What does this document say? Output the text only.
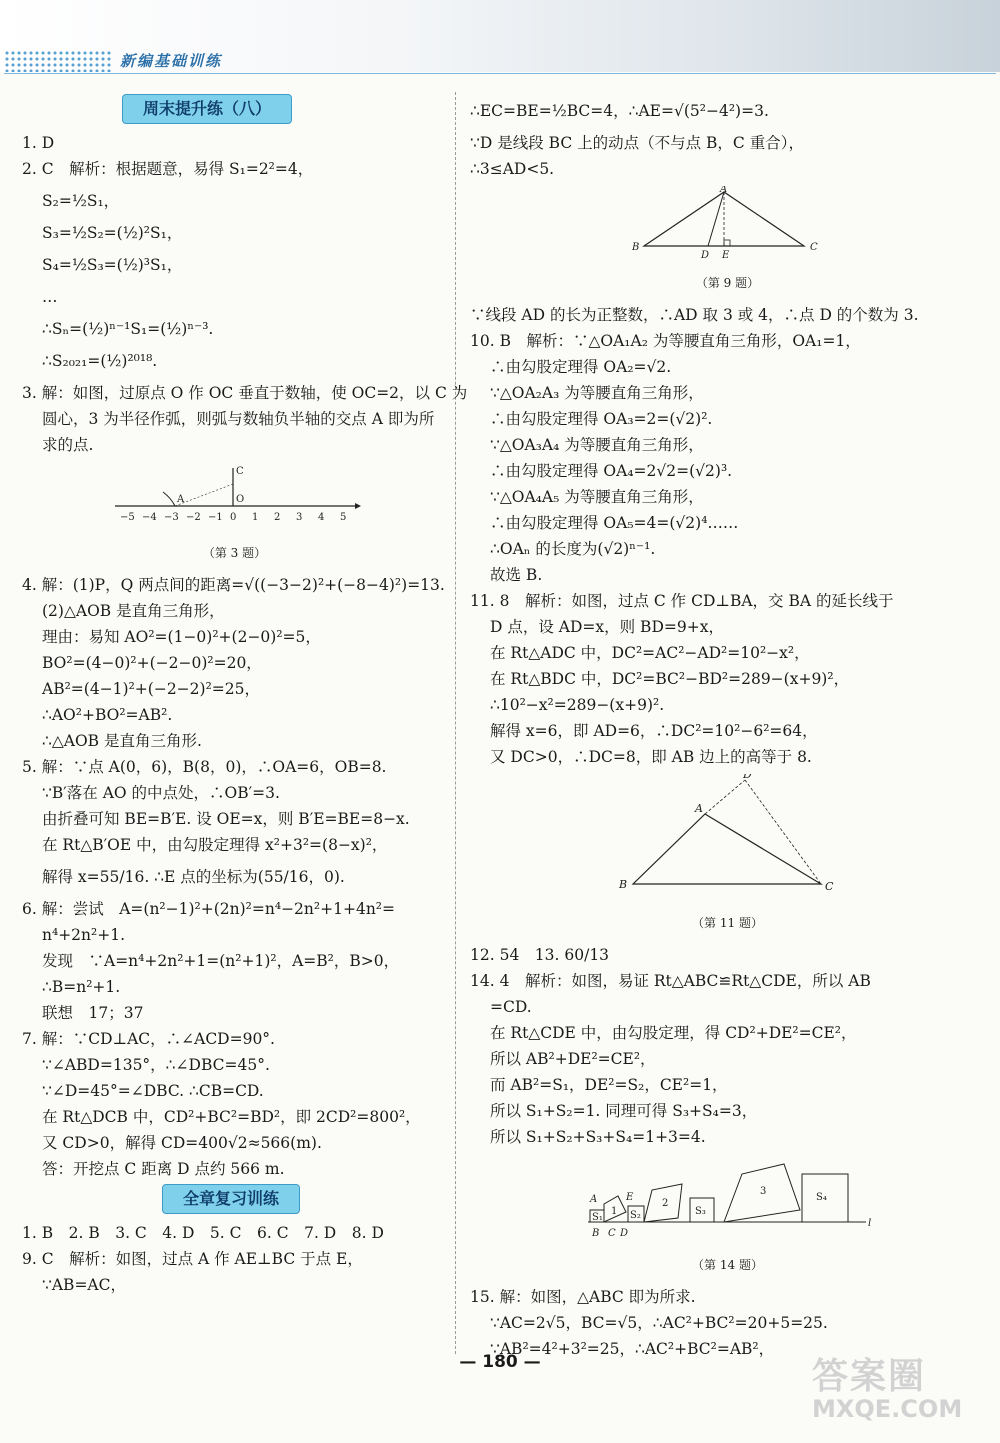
新编基础训练
周末提升练（八）

1. D

2. C　解析：根据题意，易得 S₁=2²=4，

S₂=½S₁，

S₃=½S₂=(½)²S₁，

S₄=½S₃=(½)³S₁，

…

∴Sₙ=(½)ⁿ⁻¹S₁=(½)ⁿ⁻³.

∴S₂₀₂₁=(½)²⁰¹⁸.

3. 解：如图，过原点 O 作 OC 垂直于数轴，使 OC=2，以 C 为

圆心，3 为半径作弧，则弧与数轴负半轴的交点 A 即为所

求的点.

A	O
C
−5 −4 −3 −2 −1 0 1 2 3 4 5

（第 3 题）

4. 解：(1)P，Q 两点间的距离=√((−3−2)²+(−8−4)²)=13.

(2)△AOB 是直角三角形，

理由：易知 AO²=(1−0)²+(2−0)²=5，

BO²=(4−0)²+(−2−0)²=20，

AB²=(4−1)²+(−2−2)²=25，

∴AO²+BO²=AB².

∴△AOB 是直角三角形.

5. 解：∵点 A(0，6)，B(8，0)，∴OA=6，OB=8.

∵B′落在 AO 的中点处，∴OB′=3.

由折叠可知 BE=B′E. 设 OE=x，则 B′E=BE=8−x.

在 Rt△B′OE 中，由勾股定理得 x²+3²=(8−x)²，

解得 x=55/16. ∴E 点的坐标为(55/16，0).

6. 解：尝试　A=(n²−1)²+(2n)²=n⁴−2n²+1+4n²=

n⁴+2n²+1.

发现　∵A=n⁴+2n²+1=(n²+1)²，A=B²，B>0，

∴B=n²+1.

联想　17；37

7. 解：∵CD⊥AC，∴∠ACD=90°.

∵∠ABD=135°，∴∠DBC=45°.

∵∠D=45°=∠DBC. ∴CB=CD.

在 Rt△DCB 中，CD²+BC²=BD²，即 2CD²=800²，

又 CD>0，解得 CD=400√2≈566(m).

答：开挖点 C 距离 D 点约 566 m.

全章复习训练

1. B　2. B　3. C　4. D　5. C　6. C　7. D　8. D

9. C　解析：如图，过点 A 作 AE⊥BC 于点 E，

∵AB=AC，

∴EC=BE=½BC=4，∴AE=√(5²−4²)=3.

∵D 是线段 BC 上的动点（不与点 B，C 重合），

∴3≤AD<5.

A
B	C
D E

（第 9 题）

∵线段 AD 的长为正整数，∴AD 取 3 或 4，∴点 D 的个数为 3.

10. B　解析：∵△OA₁A₂ 为等腰直角三角形，OA₁=1，

∴由勾股定理得 OA₂=√2.

∵△OA₂A₃ 为等腰直角三角形，

∴由勾股定理得 OA₃=2=(√2)².

∵△OA₃A₄ 为等腰直角三角形，

∴由勾股定理得 OA₄=2√2=(√2)³.

∵△OA₄A₅ 为等腰直角三角形，

∴由勾股定理得 OA₅=4=(√2)⁴……

∴OAₙ 的长度为(√2)ⁿ⁻¹.

故选 B.

11. 8　解析：如图，过点 C 作 CD⊥BA，交 BA 的延长线于

D 点，设 AD=x，则 BD=9+x，

在 Rt△ADC 中，DC²=AC²−AD²=10²−x²，

在 Rt△BDC 中，DC²=BC²−BD²=289−(x+9)²，

∴10²−x²=289−(x+9)².

解得 x=6，即 AD=6，∴DC²=10²−6²=64，

又 DC>0，∴DC=8，即 AB 边上的高等于 8.

A
B	C
D

（第 11 题）

12. 54　13. 60/13

14. 4　解析：如图，易证 Rt△ABC≌Rt△CDE，所以 AB

=CD.

在 Rt△CDE 中，由勾股定理，得 CD²+DE²=CE²，

所以 AB²+DE²=CE²，

而 AB²=S₁，DE²=S₂，CE²=1，

所以 S₁+S₂=1. 同理可得 S₃+S₄=3，

所以 S₁+S₂+S₃+S₄=1+3=4.

S₁
1 S₂
2
S₃
3
S₄
A
B C D
E
l

（第 14 题）

15. 解：如图，△ABC 即为所求.

∵AC=2√5，BC=√5，∴AC²+BC²=20+5=25.

∵AB²=4²+3²=25，∴AC²+BC²=AB²，

— 180 —	答案圈
MXQE.COM
